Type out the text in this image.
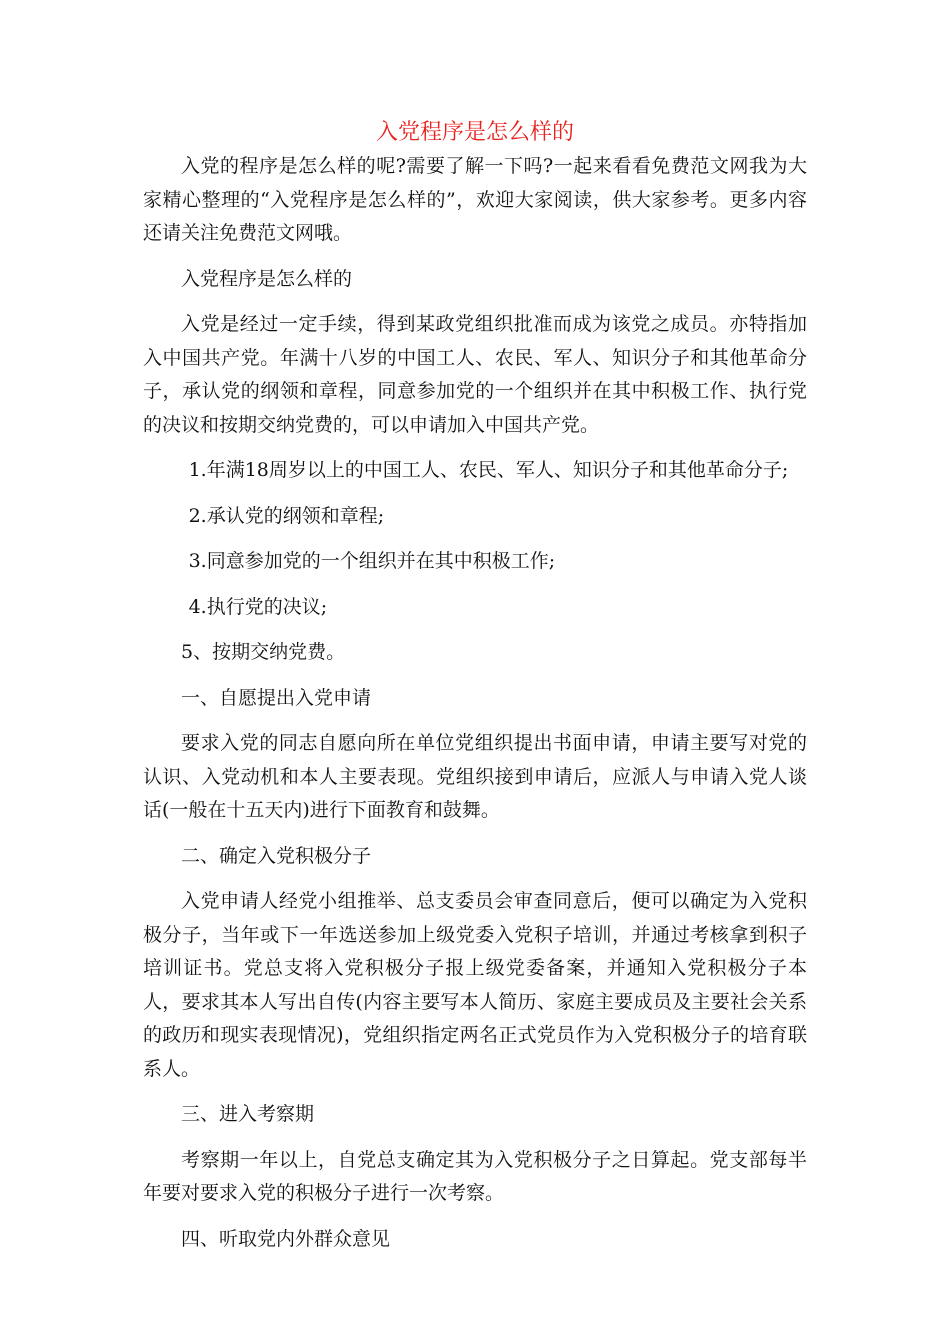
入党程序是怎么样的

入党的程序是怎么样的呢?需要了解一下吗?一起来看看免费范文网我为大家精心整理的“入党程序是怎么样的”，欢迎大家阅读，供大家参考。更多内容还请关注免费范文网哦。

入党程序是怎么样的

入党是经过一定手续，得到某政党组织批准而成为该党之成员。亦特指加入中国共产党。年满十八岁的中国工人、农民、军人、知识分子和其他革命分子，承认党的纲领和章程，同意参加党的一个组织并在其中积极工作、执行党的决议和按期交纳党费的，可以申请加入中国共产党。

1.年满18周岁以上的中国工人、农民、军人、知识分子和其他革命分子;

2.承认党的纲领和章程;

3.同意参加党的一个组织并在其中积极工作;

4.执行党的决议;

5、按期交纳党费。

一、自愿提出入党申请

要求入党的同志自愿向所在单位党组织提出书面申请，申请主要写对党的认识、入党动机和本人主要表现。党组织接到申请后，应派人与申请入党人谈话(一般在十五天内)进行下面教育和鼓舞。

二、确定入党积极分子

入党申请人经党小组推举、总支委员会审查同意后，便可以确定为入党积极分子，当年或下一年选送参加上级党委入党积子培训，并通过考核拿到积子培训证书。党总支将入党积极分子报上级党委备案，并通知入党积极分子本人，要求其本人写出自传(内容主要写本人简历、家庭主要成员及主要社会关系的政历和现实表现情况)，党组织指定两名正式党员作为入党积极分子的培育联系人。

三、进入考察期

考察期一年以上，自党总支确定其为入党积极分子之日算起。党支部每半年要对要求入党的积极分子进行一次考察。

四、听取党内外群众意见
